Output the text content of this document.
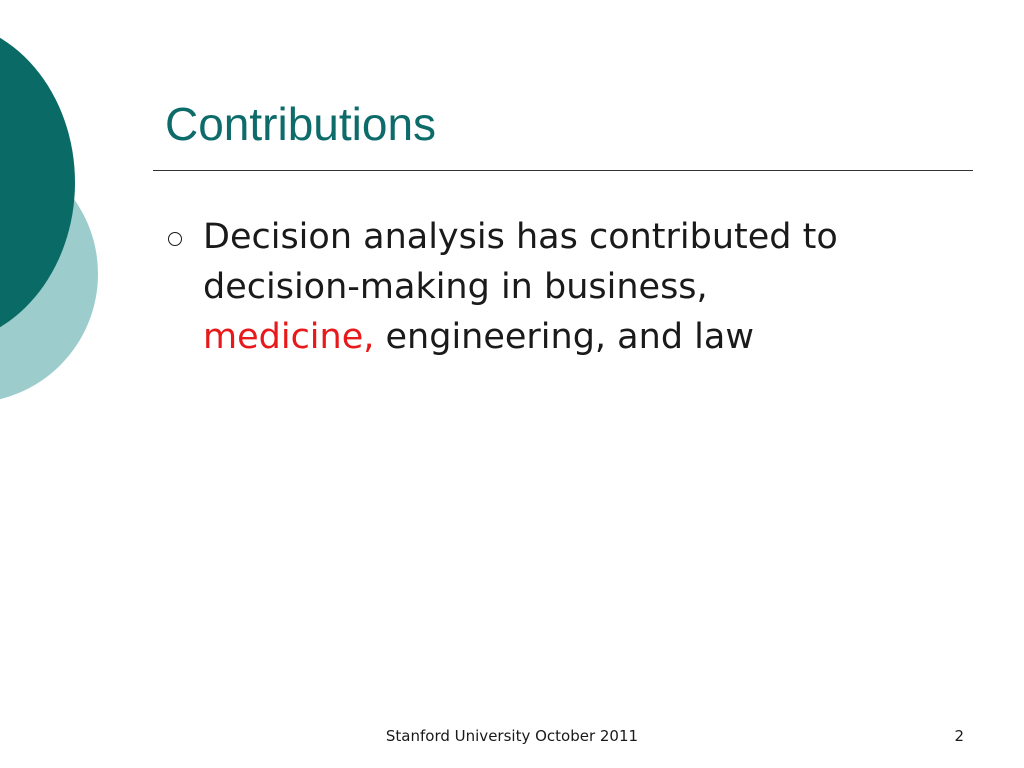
Contributions
Decision analysis has contributed to
decision-making in business,
medicine, engineering, and law
Stanford University October 2011	2
